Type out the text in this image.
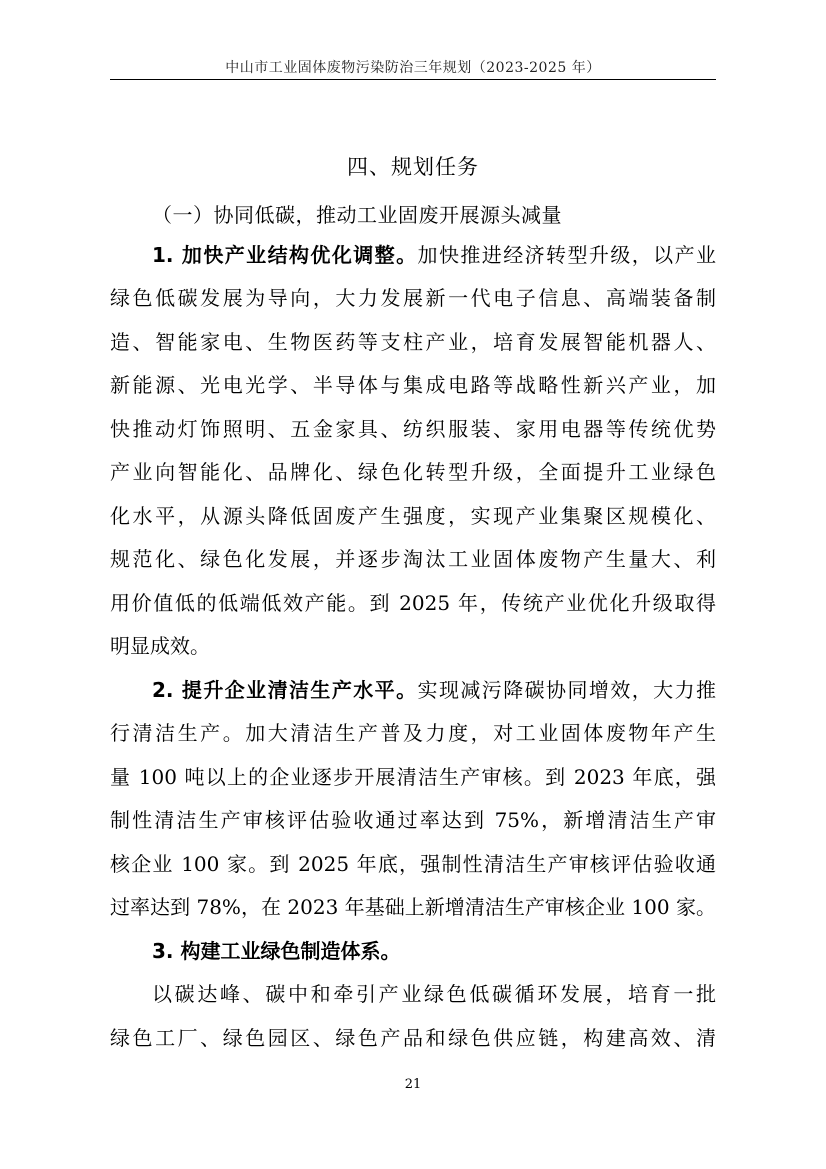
中山市工业固体废物污染防治三年规划（2023-2025 年）
四、规划任务
（一）协同低碳，推动工业固废开展源头减量
1. 加快产业结构优化调整。加快推进经济转型升级，以产业
绿色低碳发展为导向，大力发展新一代电子信息、高端装备制
造、智能家电、生物医药等支柱产业，培育发展智能机器人、
新能源、光电光学、半导体与集成电路等战略性新兴产业，加
快推动灯饰照明、五金家具、纺织服装、家用电器等传统优势
产业向智能化、品牌化、绿色化转型升级，全面提升工业绿色
化水平，从源头降低固废产生强度，实现产业集聚区规模化、
规范化、绿色化发展，并逐步淘汰工业固体废物产生量大、利
用价值低的低端低效产能。到 2025 年，传统产业优化升级取得
明显成效。
2. 提升企业清洁生产水平。实现减污降碳协同增效，大力推
行清洁生产。加大清洁生产普及力度，对工业固体废物年产生
量 100 吨以上的企业逐步开展清洁生产审核。到 2023 年底，强
制性清洁生产审核评估验收通过率达到 75%，新增清洁生产审
核企业 100 家。到 2025 年底，强制性清洁生产审核评估验收通
过率达到 78%，在 2023 年基础上新增清洁生产审核企业 100 家。
3. 构建工业绿色制造体系。
以碳达峰、碳中和牵引产业绿色低碳循环发展，培育一批
绿色工厂、绿色园区、绿色产品和绿色供应链，构建高效、清
21
